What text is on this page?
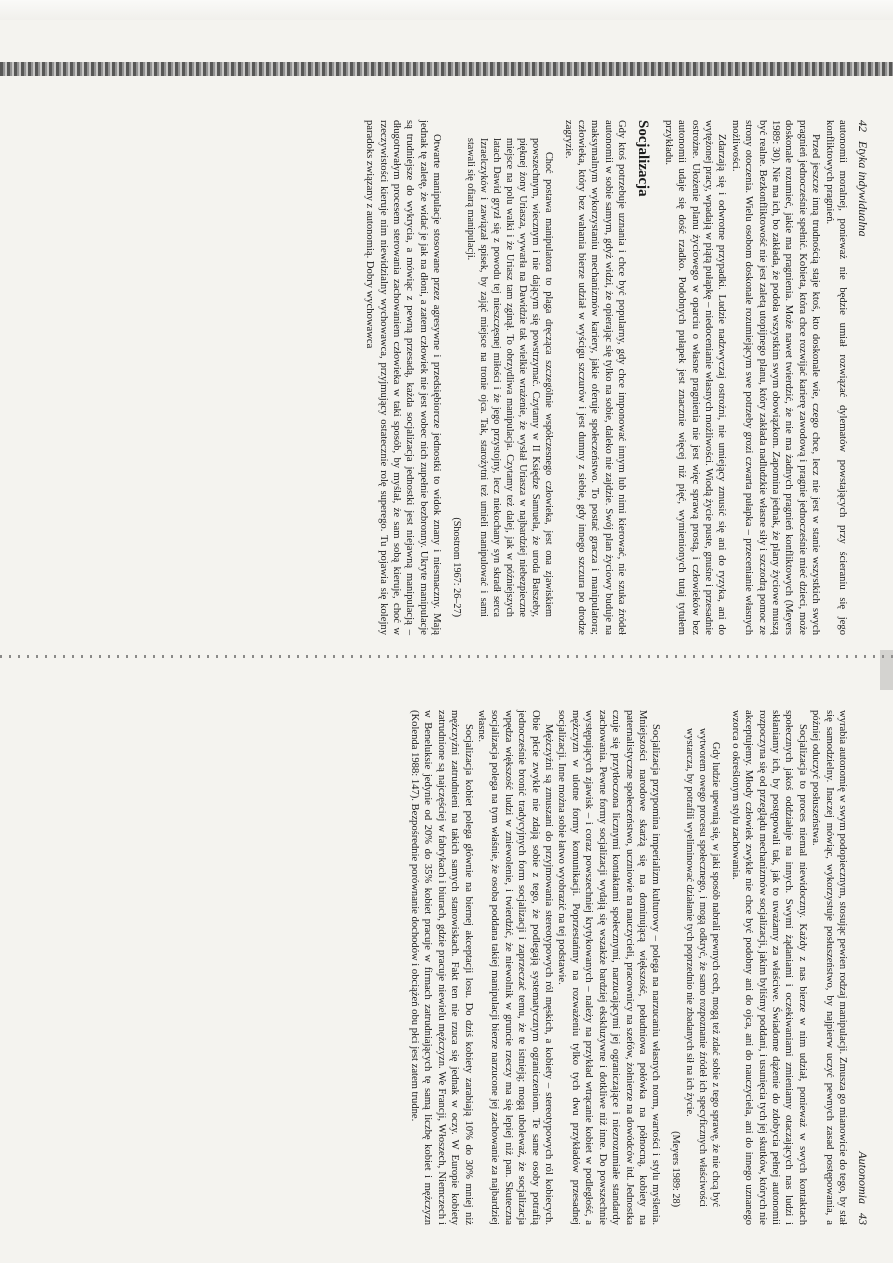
42   Etyka indywidualna

autonomii moralnej, ponieważ nie będzie umiał rozwiązać dylematów powstających przy ścieraniu się jego konfliktowych pragnień.

Przed jeszcze inną trudnością staje ktoś, kto doskonale wie, czego chce, lecz nie jest w stanie wszystkich swych pragnień jednocześnie spełnić. Kobieta, która chce rozwijać karierę zawodową i pragnie jednocześnie mieć dzieci, może doskonale rozumieć, jakie ma pragnienia. Może nawet twierdzić, że nie ma żadnych pragnień konfliktowych (Meyers 1989: 30). Nie ma ich, bo zakłada, że podoła wszystkim swym obowiązkom. Zapomina jednak, że plany życiowe muszą być realne. Bezkonfliktowość nie jest zaletą utopijnego planu, który zakłada nadludzkie własne siły i szczodrą pomoc ze strony otoczenia. Wielu osobom doskonale rozumiejącym swe potrzeby grozi czwarta pułapka – przecenianie własnych możliwości.

Zdarzają się i odwrotne przypadki. Ludzie nadzwyczaj ostrożni, nie umiejący zmusić się ani do ryzyka, ani do wytężonej pracy, wpadają w piątą pułapkę – niedocenianie własnych możliwości. Wiodą życie puste, gnuśne i przesadnie ostrożne. Ułożenie planu życiowego w oparciu o własne pragnienia nie jest więc sprawą prostą, i człowieków bez autonomii udaje się dość rzadko. Podobnych pułapek jest znacznie więcej niż pięć, wymienionych tutaj tytułem przykładu.

Socjalizacja

Gdy ktoś potrzebuje uznania i chce być popularny, gdy chce imponować innym lub nimi kierować, nie szuka źródeł autonomii w sobie samym, gdyż widzi, że opierając się tylko na sobie, daleko nie zajdzie. Swój plan życiowy buduje na maksymalnym wykorzystaniu mechanizmów kariery, jakie oferuje społeczeństwo. To postać gracza i manipulatora; człowieka, który bez wahania bierze udział w wyścigu szczurów i jest dumny z siebie, gdy innego szczura po drodze zagryzie.

Choć postawa manipulatora to plaga dręcząca szczególnie współczesnego człowieka, jest ona zjawiskiem powszechnym, wiecznym i nie dającym się powstrzymać. Czytamy w II Księdze Samuela, że uroda Batszeby, pięknej żony Uriasza, wywarła na Dawidzie tak wielkie wrażenie, że wysłał Uriasza w najbardziej niebezpieczne miejsce na polu walki i że Uriasz tam zginął. To obrzydliwa manipulacja. Czytamy też dalej, jak w późniejszych latach Dawid gryzł się z powodu tej nieszczęsnej miłości i że jego przystojny, lecz niekochany syn skradł serca Izraelczyków i zawiązał spisek, by zająć miejsce na tronie ojca. Tak, starożytni też umieli manipulować i sami stawali się ofiarą manipulacji.

(Shostrom 1967: 26–27)

Otwarte manipulacje stosowane przez agresywne i przedsiębiorcze jednostki to widok znany i niesmaczny. Mają jednak tę zaletę, że widać je jak na dłoni, a zatem człowiek nie jest wobec nich zupełnie bezbronny. Ukryte manipulacje są trudniejsze do wykrycia, a mówiąc z pewną przesadą, każda socjalizacja jednostki jest niejawną manipulacją – długotrwałym procesem sterowania zachowaniem człowieka w taki sposób, by myślał, że sam sobą kieruje, choć w rzeczywistości kieruje nim niewidzialny wychowawca, przyjmujący ostatecznie rolę superego. Tu pojawia się kolejny paradoks związany z autonomią. Dobry wychowawca

Autonomia   43

wyrabia autonomię w swym podopiecznym, stosując pewien rodzaj manipulacji. Zmusza go mianowicie do tego, by stał się samodzielny. Inaczej mówiąc, wykorzystuje posłuszeństwo, by najpierw uczyć pewnych zasad postępowania, a później oduczyć posłuszeństwa.

Socjalizacja to proces niemal niewidoczny. Każdy z nas bierze w nim udział, ponieważ w swych kontaktach społecznych jakoś oddziałuje na innych. Swymi żądaniami i oczekiwaniami zmieniamy otaczających nas ludzi i skłaniamy ich, by postępowali tak, jak to uważamy za właściwe. Świadome dążenie do zdobycia pełnej autonomii rozpoczyna się od przeglądu mechanizmów socjalizacji, jakim byliśmy poddani, i usunięcia tych jej skutków, których nie akceptujemy. Młody człowiek zwykle nie chce być podobny ani do ojca, ani do nauczyciela, ani do innego uznanego wzorca o określonym stylu zachowania.

Gdy ludzie upewnią się, w jaki sposób nabrali pewnych cech, mogą też zdać sobie z tego sprawę, że nie chcą być wytworem owego procesu społecznego, i mogą odkryć, że samo rozpoznanie źródeł ich specyficznych właściwości wystarcza, by potrafili wyeliminować działanie tych poprzednio nie zbadanych sił na ich życie.

(Meyers 1989: 28)

Socjalizacja przypomina imperializm kulturowy – polega na narzucaniu własnych norm, wartości i stylu myślenia. Mniejszości narodowe skarżą się na dominującą większość, południowa połówka na północną, kobiety na paternalistyczne społeczeństwo, uczniowie na nauczycieli, pracownicy na szefów, żołnierze na dowódców itd. Jednostka czuje się przytłoczona licznymi kontaktami społecznymi, narzucającymi jej ograniczające i niezrozumiałe standardy zachowania. Pewne formy socjalizacji wydają się wszakże bardziej ekskluzywne i dotkliwe niż inne. Do powszechnie występujących zjawisk – i coraz powszechniej krytykowanych – należy na przykład wtrącanie kobiet w podległość, a mężczyzn w ulotne formy komunikacji. Poprzestańmy na rozważeniu tylko tych dwu przykładów przesadnej socjalizacji. Inne można sobie łatwo wyobrazić na tej podstawie.

Mężczyźni są zmuszani do przyjmowania stereotypowych ról męskich, a kobiety – stereotypowych ról kobiecych. Obie płcie zwykle nie zdają sobie z tego, że podlegają systematycznym ograniczeniom. Te same osoby potrafią jednocześnie bronić tradycyjnych form socjalizacji i zaprzeczać temu, że te istnieją; mogą uboleważ, że socjalizacja wpędza większość ludzi w zniewolenie, i twierdzić, że niewolnik w gruncie rzeczy ma się lepiej niż pan. Skuteczna socjalizacja polega na tym właśnie, że osoba poddana takiej manipulacji bierze narzucone jej zachowanie za najbardziej własne.

Socjalizacja kobiet polega głównie na biernej akceptacji losu. Do dziś kobiety zarabiają 10% do 30% mniej niż mężczyźni zatrudnieni na takich samych stanowiskach. Fakt ten nie rzuca się jednak w oczy. W Europie kobiety zatrudnione są najczęściej w fabrykach i biurach, gdzie pracuje niewielu mężczyzn. We Francji, Włoszech, Niemczech i w Beneluksie jedynie od 20% do 35% kobiet pracuje w firmach zatrudniających tę samą liczbę kobiet i mężczyzn (Kolenda 1988: 147). Bezpośrednie porównanie dochodów i obciążeń obu płci jest zatem trudne.
